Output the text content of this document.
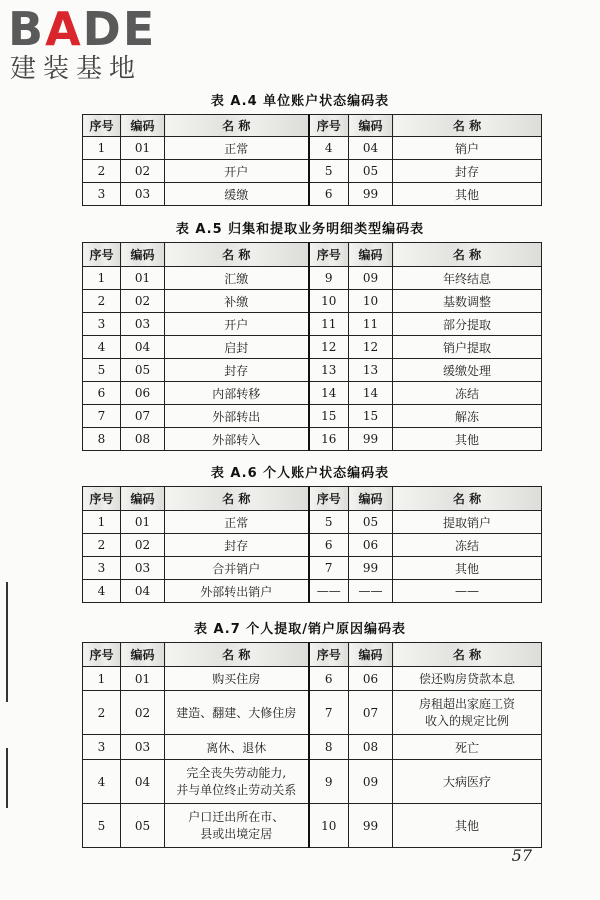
BADE
建装基地
表 A.4 单位账户状态编码表
序号	编码	名 称	序号	编码	名 称
1	01	正常	4	04	销户
2	02	开户	5	05	封存
3	03	缓缴	6	99	其他
表 A.5 归集和提取业务明细类型编码表
序号	编码	名 称	序号	编码	名 称
1	01	汇缴	9	09	年终结息
2	02	补缴	10	10	基数调整
3	03	开户	11	11	部分提取
4	04	启封	12	12	销户提取
5	05	封存	13	13	缓缴处理
6	06	内部转移	14	14	冻结
7	07	外部转出	15	15	解冻
8	08	外部转入	16	99	其他
表 A.6 个人账户状态编码表
序号	编码	名 称	序号	编码	名 称
1	01	正常	5	05	提取销户
2	02	封存	6	06	冻结
3	03	合并销户	7	99	其他
4	04	外部转出销户	——	——	——
表 A.7 个人提取/销户原因编码表
序号	编码	名 称	序号	编码	名 称
1	01	购买住房	6	06	偿还购房贷款本息
2	02	建造、翻建、大修住房	7	07	房租超出家庭工资
收入的规定比例
3	03	离休、退休	8	08	死亡
4	04	完全丧失劳动能力,
并与单位终止劳动关系	9	09	大病医疗
5	05	户口迁出所在市、
县或出境定居	10	99	其他
57
